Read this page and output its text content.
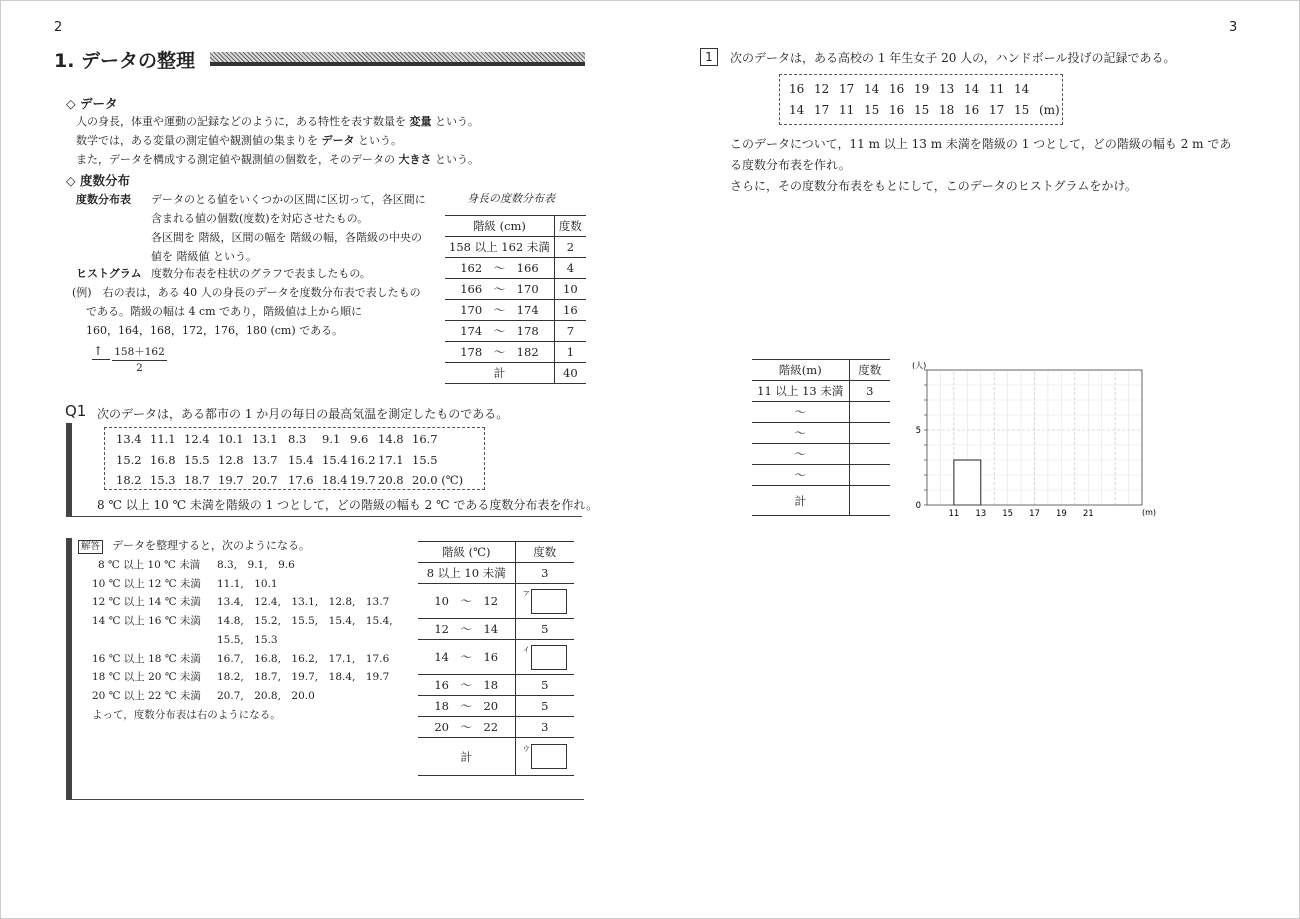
2
1. データの整理
◇ データ
人の身長，体重や運動の記録などのように，ある特性を表す数量を 変量 という。
数学では，ある変量の測定値や観測値の集まりを データ という。
また，データを構成する測定値や観測値の個数を，そのデータの 大きさ という。
◇ 度数分布
度数分布表 データのとる値をいくつかの区間に区切って，各区間に
含まれる値の個数(度数)を対応させたもの。
各区間を 階級，区間の幅を 階級の幅，各階級の中央の
値を 階級値 という。
ヒストグラム 度数分布表を柱状のグラフで表ましたもの。
(例)　右の表は，ある 40 人の身長のデータを度数分布表で表したもの
である。階級の幅は 4 cm であり，階級値は上から順に
160，164，168，172，176，180 (cm) である。
↑ 158＋162
2
身長の度数分布表
階級 (cm)	度数
158 以上 162 未満	2
162　～　166	4
166　～　170	10
170　～　174	16
174　～　178	7
178　～　182	1
計	40
Q1 次のデータは，ある都市の 1 か月の毎日の最高気温を測定したものである。
13.4 11.1 12.4 10.1 13.1 8.3 9.1 9.6 14.8 16.7
15.2 16.8 15.5 12.8 13.7 15.4 15.4 16.2 17.1 15.5
18.2 15.3 18.7 19.7 20.7 17.6 18.4 19.7 20.8 20.0 (℃)
8 ℃ 以上 10 ℃ 未満を階級の 1 つとして，どの階級の幅も 2 ℃ である度数分布表を作れ。
解答 データを整理すると，次のようになる。
8 ℃ 以上 10 ℃ 未満 8.3,　9.1,　9.6
10 ℃ 以上 12 ℃ 未満 11.1,　10.1
12 ℃ 以上 14 ℃ 未満 13.4,　12.4,　13.1,　12.8,　13.7
14 ℃ 以上 16 ℃ 未満 14.8,　15.2,　15.5,　15.4,　15.4,
15.5,　15.3
16 ℃ 以上 18 ℃ 未満 16.7,　16.8,　16.2,　17.1,　17.6
18 ℃ 以上 20 ℃ 未満 18.2,　18.7,　19.7,　18.4,　19.7
20 ℃ 以上 22 ℃ 未満 20.7,　20.8,　20.0
よって，度数分布表は右のようになる。
階級 (℃)	度数
8 以上 10 未満	3
10　～　12	$^ア$
12　～　14	5
14　～　16	$^イ$
16　～　18	5
18　～　20	5
20　～　22	3
計	$^ウ$
3
1	次のデータは，ある高校の 1 年生女子 20 人の，ハンドボール投げの記録である。
16 12 17 14 16 19 13 14 11 14
14 17 11 15 16 15 18 16 17 15 (m)
このデータについて，11 m 以上 13 m 未満を階級の 1 つとして，どの階級の幅も 2 m であ
る度数分布表を作れ。
さらに，その度数分布表をもとにして，このデータのヒストグラムをかけ。
階級(m)	度数
11 以上 13 未満	3
～	
～	
～	
～	
計	
(人)
(m)
11 13 15 17 19 21
0
5
